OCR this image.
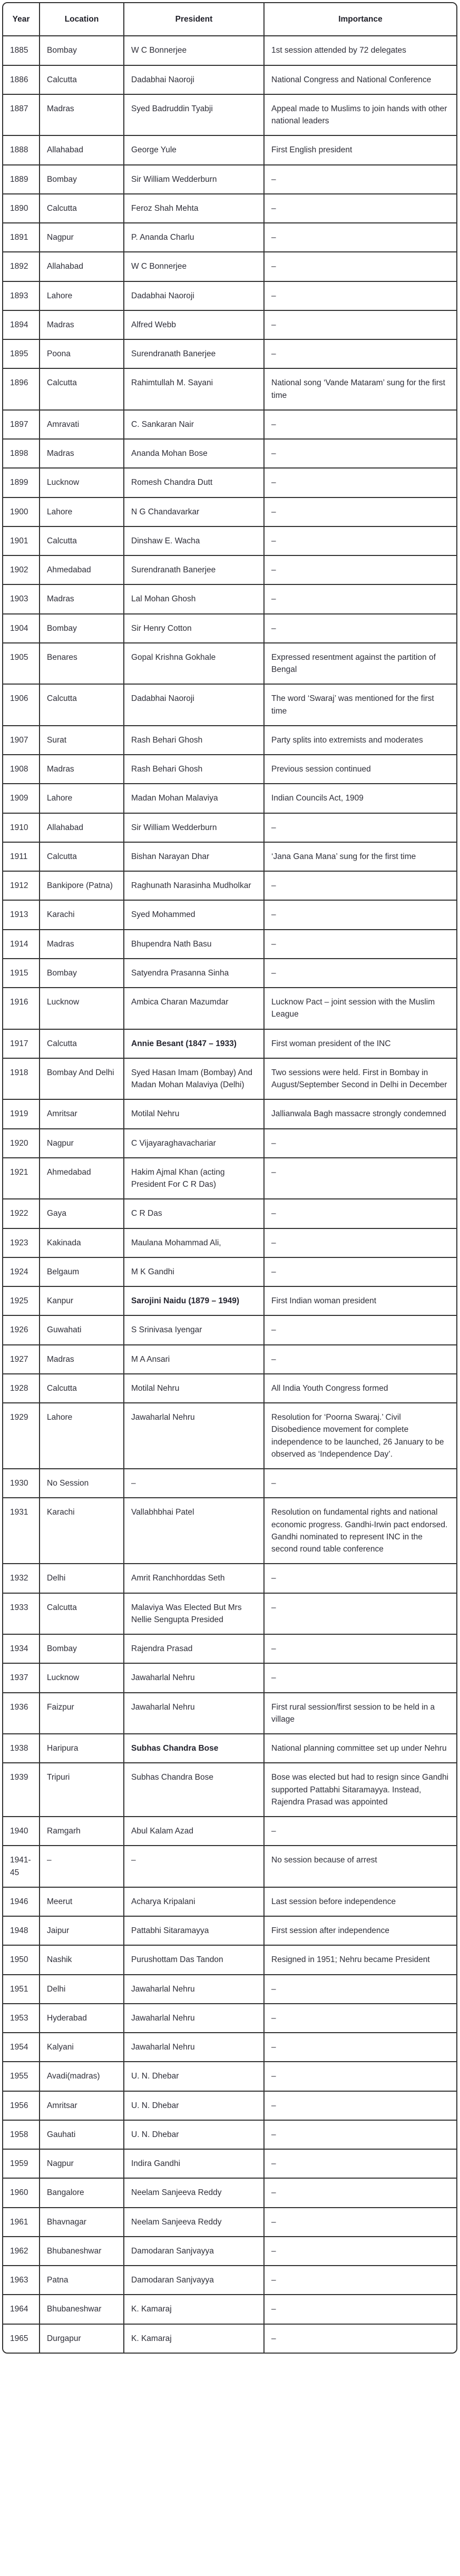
Year	Location	President	Importance
1885	Bombay	W C Bonnerjee	1st session attended by 72 delegates
1886	Calcutta	Dadabhai Naoroji	National Congress and National Conference
1887	Madras	Syed Badruddin Tyabji	Appeal made to Muslims to join hands with other national leaders
1888	Allahabad	George Yule	First English president
1889	Bombay	Sir William Wedderburn	–
1890	Calcutta	Feroz Shah Mehta	–
1891	Nagpur	P. Ananda Charlu	–
1892	Allahabad	W C Bonnerjee	–
1893	Lahore	Dadabhai Naoroji	–
1894	Madras	Alfred Webb	–
1895	Poona	Surendranath Banerjee	–
1896	Calcutta	Rahimtullah M. Sayani	National song ‘Vande Mataram’ sung for the first time
1897	Amravati	C. Sankaran Nair	–
1898	Madras	Ananda Mohan Bose	–
1899	Lucknow	Romesh Chandra Dutt	–
1900	Lahore	N G Chandavarkar	–
1901	Calcutta	Dinshaw E. Wacha	–
1902	Ahmedabad	Surendranath Banerjee	–
1903	Madras	Lal Mohan Ghosh	–
1904	Bombay	Sir Henry Cotton	–
1905	Benares	Gopal Krishna Gokhale	Expressed resentment against the partition of Bengal
1906	Calcutta	Dadabhai Naoroji	The word ‘Swaraj’ was mentioned for the first time
1907	Surat	Rash Behari Ghosh	Party splits into extremists and moderates
1908	Madras	Rash Behari Ghosh	Previous session continued
1909	Lahore	Madan Mohan Malaviya	Indian Councils Act, 1909
1910	Allahabad	Sir William Wedderburn	–
1911	Calcutta	Bishan Narayan Dhar	‘Jana Gana Mana’ sung for the first time
1912	Bankipore (Patna)	Raghunath Narasinha Mudholkar	–
1913	Karachi	Syed Mohammed	–
1914	Madras	Bhupendra Nath Basu	–
1915	Bombay	Satyendra Prasanna Sinha	–
1916	Lucknow	Ambica Charan Mazumdar	Lucknow Pact – joint session with the Muslim League
1917	Calcutta	Annie Besant (1847 – 1933)	First woman president of the INC
1918	Bombay And Delhi	Syed Hasan Imam (Bombay) And Madan Mohan Malaviya (Delhi)	Two sessions were held. First in Bombay in August/September Second in Delhi in December
1919	Amritsar	Motilal Nehru	Jallianwala Bagh massacre strongly condemned
1920	Nagpur	C Vijayaraghavachariar	–
1921	Ahmedabad	Hakim Ajmal Khan (acting President For C R Das)	–
1922	Gaya	C R Das	–
1923	Kakinada	Maulana Mohammad Ali,	–
1924	Belgaum	M K Gandhi	–
1925	Kanpur	Sarojini Naidu (1879 – 1949)	First Indian woman president
1926	Guwahati	S Srinivasa Iyengar	–
1927	Madras	M A Ansari	–
1928	Calcutta	Motilal Nehru	All India Youth Congress formed
1929	Lahore	Jawaharlal Nehru	Resolution for ‘Poorna Swaraj.’ Civil Disobedience movement for complete independence to be launched, 26 January to be observed as ‘Independence Day’.
1930	No Session	–	–
1931	Karachi	Vallabhbhai Patel	Resolution on fundamental rights and national economic progress. Gandhi-Irwin pact endorsed. Gandhi nominated to represent INC in the second round table conference
1932	Delhi	Amrit Ranchhorddas Seth	–
1933	Calcutta	Malaviya Was Elected But Mrs Nellie Sengupta Presided	–
1934	Bombay	Rajendra Prasad	–
1937	Lucknow	Jawaharlal Nehru	–
1936	Faizpur	Jawaharlal Nehru	First rural session/first session to be held in a village
1938	Haripura	Subhas Chandra Bose	National planning committee set up under Nehru
1939	Tripuri	Subhas Chandra Bose	Bose was elected but had to resign since Gandhi supported Pattabhi Sitaramayya. Instead, Rajendra Prasad was appointed
1940	Ramgarh	Abul Kalam Azad	–
1941-45	–	–	No session because of arrest
1946	Meerut	Acharya Kripalani	Last session before independence
1948	Jaipur	Pattabhi Sitaramayya	First session after independence
1950	Nashik	Purushottam Das Tandon	Resigned in 1951; Nehru became President
1951	Delhi	Jawaharlal Nehru	–
1953	Hyderabad	Jawaharlal Nehru	–
1954	Kalyani	Jawaharlal Nehru	–
1955	Avadi(madras)	U. N. Dhebar	–
1956	Amritsar	U. N. Dhebar	–
1958	Gauhati	U. N. Dhebar	–
1959	Nagpur	Indira Gandhi	–
1960	Bangalore	Neelam Sanjeeva Reddy	–
1961	Bhavnagar	Neelam Sanjeeva Reddy	–
1962	Bhubaneshwar	Damodaran Sanjvayya	–
1963	Patna	Damodaran Sanjvayya	–
1964	Bhubaneshwar	K. Kamaraj	–
1965	Durgapur	K. Kamaraj	–
